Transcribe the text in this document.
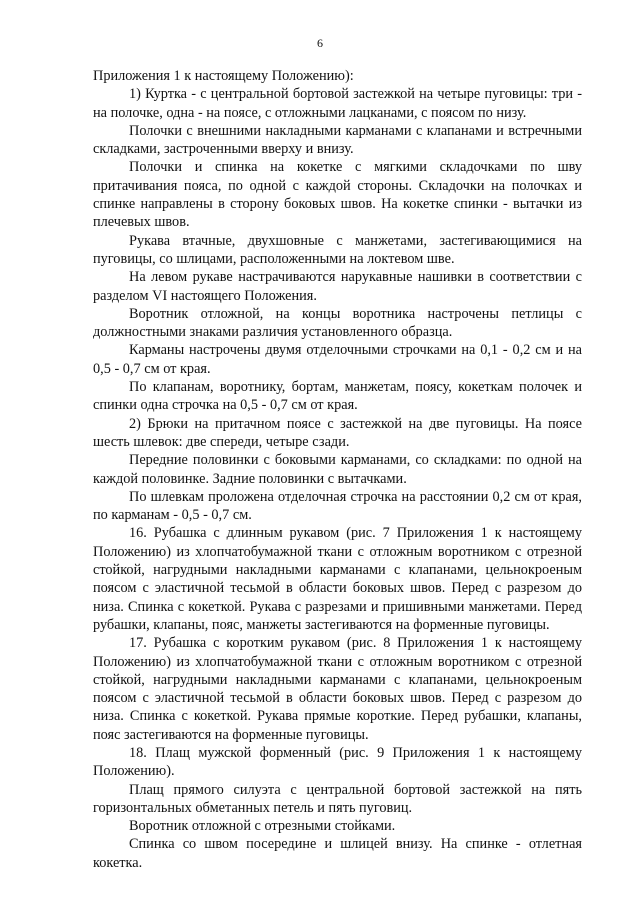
6

Приложения 1 к настоящему Положению):

1) Куртка - с центральной бортовой застежкой на четыре пуговицы: три - на полочке, одна - на поясе, с отложными лацканами, с поясом по низу.

Полочки с внешними накладными карманами с клапанами и встречными складками, застроченными вверху и внизу.

Полочки и спинка на кокетке с мягкими складочками по шву притачивания пояса, по одной с каждой стороны. Складочки на полочках и спинке направлены в сторону боковых швов. На кокетке спинки - вытачки из плечевых швов.

Рукава втачные, двухшовные с манжетами, застегивающимися на пуговицы, со шлицами, расположенными на локтевом шве.

На левом рукаве настрачиваются нарукавные нашивки в соответствии с разделом VI настоящего Положения.

Воротник отложной, на концы воротника настрочены петлицы с должностными знаками различия установленного образца.

Карманы настрочены двумя отделочными строчками на 0,1 - 0,2 см и на 0,5 - 0,7 см от края.

По клапанам, воротнику, бортам, манжетам, поясу, кокеткам полочек и спинки одна строчка на 0,5 - 0,7 см от края.

2) Брюки на притачном поясе с застежкой на две пуговицы. На поясе шесть шлевок: две спереди, четыре сзади.

Передние половинки с боковыми карманами, со складками: по одной на каждой половинке. Задние половинки с вытачками.

По шлевкам проложена отделочная строчка на расстоянии 0,2 см от края, по карманам - 0,5 - 0,7 см.

16. Рубашка с длинным рукавом (рис. 7 Приложения 1 к настоящему Положению) из хлопчатобумажной ткани с отложным воротником с отрезной стойкой, нагрудными накладными карманами с клапанами, цельнокроеным поясом с эластичной тесьмой в области боковых швов. Перед с разрезом до низа. Спинка с кокеткой. Рукава с разрезами и пришивными манжетами. Перед рубашки, клапаны, пояс, манжеты застегиваются на форменные пуговицы.

17. Рубашка с коротким рукавом (рис. 8 Приложения 1 к настоящему Положению) из хлопчатобумажной ткани с отложным воротником с отрезной стойкой, нагрудными накладными карманами с клапанами, цельнокроеным поясом с эластичной тесьмой в области боковых швов. Перед с разрезом до низа. Спинка с кокеткой. Рукава прямые короткие. Перед рубашки, клапаны, пояс застегиваются на форменные пуговицы.

18. Плащ мужской форменный (рис. 9 Приложения 1 к настоящему Положению).

Плащ прямого силуэта с центральной бортовой застежкой на пять горизонтальных обметанных петель и пять пуговиц.

Воротник отложной с отрезными стойками.

Спинка со швом посередине и шлицей внизу. На спинке - отлетная кокетка.
